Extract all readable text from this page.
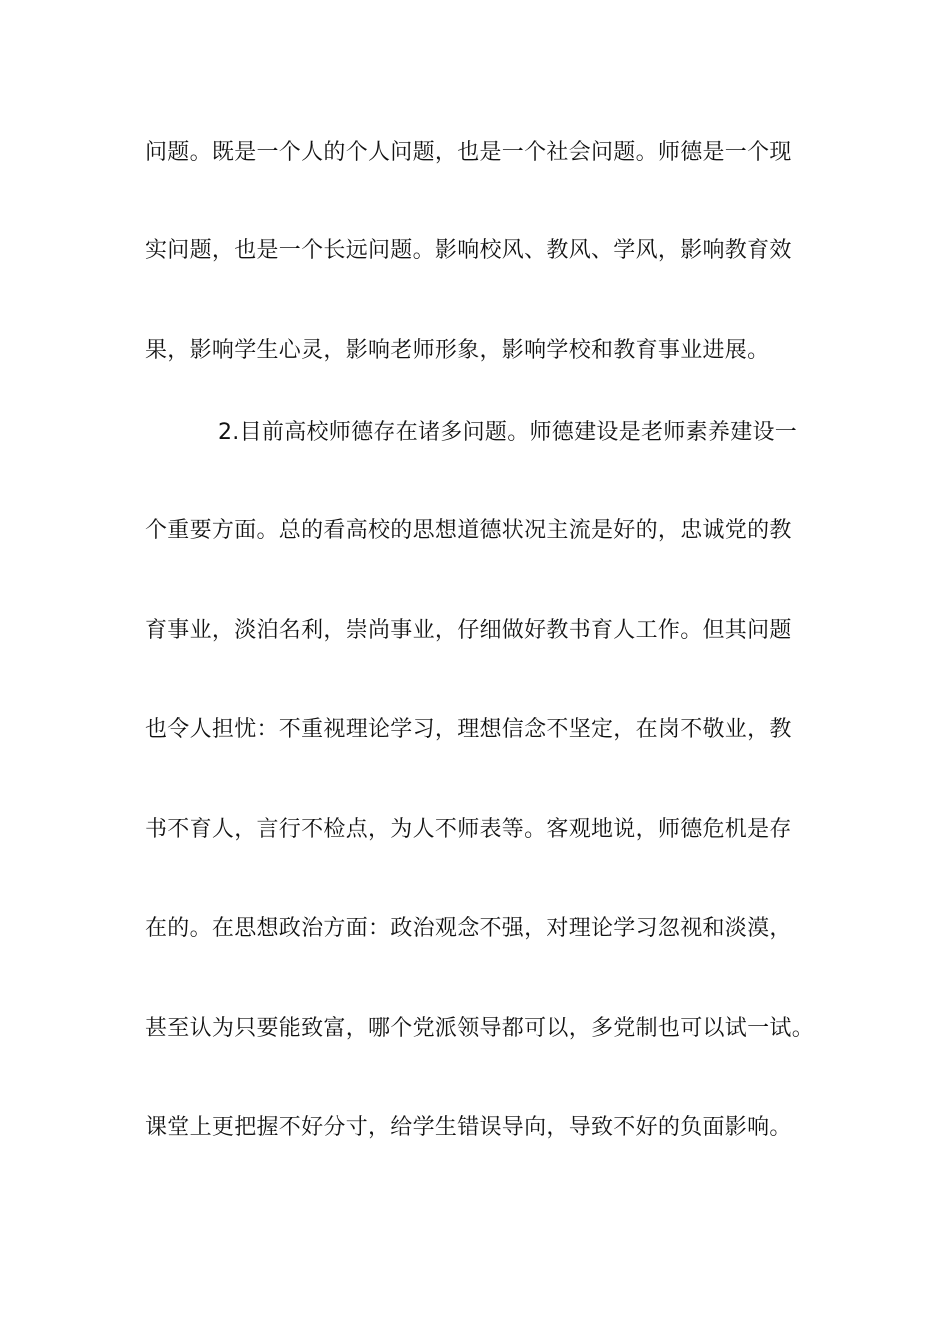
问题。既是一个人的个人问题，也是一个社会问题。师德是一个现
实问题，也是一个长远问题。影响校风、教风、学风，影响教育效
果，影响学生心灵，影响老师形象，影响学校和教育事业进展。
2.目前高校师德存在诸多问题。师德建设是老师素养建设一
个重要方面。总的看高校的思想道德状况主流是好的，忠诚党的教
育事业，淡泊名利，崇尚事业，仔细做好教书育人工作。但其问题
也令人担忧：不重视理论学习，理想信念不坚定，在岗不敬业，教
书不育人，言行不检点，为人不师表等。客观地说，师德危机是存
在的。在思想政治方面：政治观念不强，对理论学习忽视和淡漠，
甚至认为只要能致富，哪个党派领导都可以，多党制也可以试一试。
课堂上更把握不好分寸，给学生错误导向，导致不好的负面影响。
